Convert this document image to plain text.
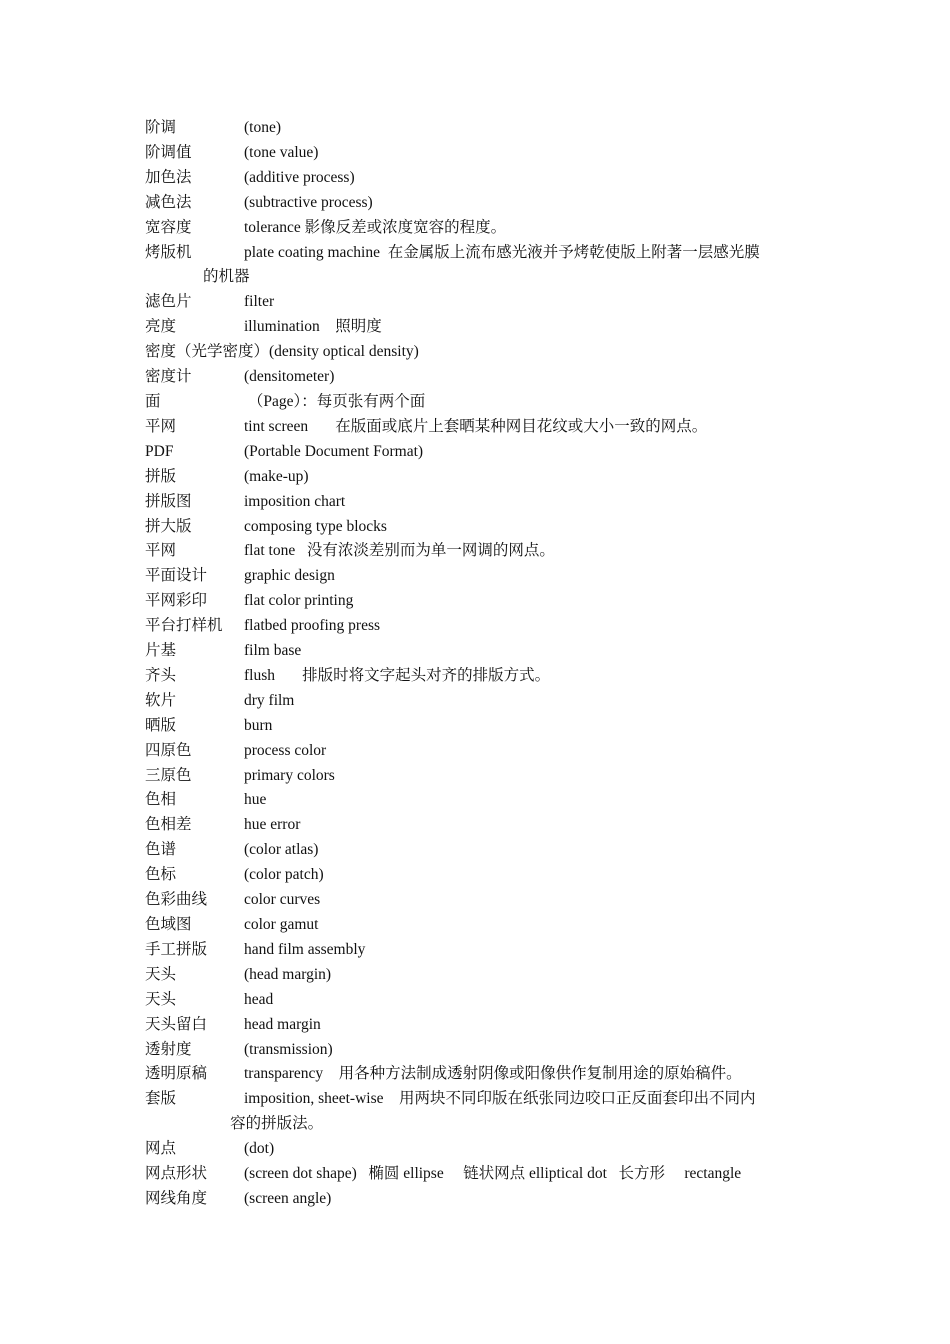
阶调	(tone)
阶调值	(tone value)
加色法	(additive process)
减色法	(subtractive process)
宽容度	tolerance 影像反差或浓度宽容的程度。
烤版机	plate coating machine  在金属版上流布感光液并予烤乾使版上附著一层感光膜
的机器
滤色片	filter
亮度	illumination    照明度
密度（光学密度）(density optical density)
密度计	(densitometer)
面	（Page）：每页张有两个面
平网	tint screen       在版面或底片上套晒某种网目花纹或大小一致的网点。
PDF	(Portable Document Format)
拼版	(make-up)
拼版图	imposition chart
拼大版	composing type blocks
平网	flat tone   没有浓淡差别而为单一网调的网点。
平面设计 graphic design
平网彩印 flat color printing
平台打样机 flatbed proofing press
片基	film base
齐头	flush       排版时将文字起头对齐的排版方式。
软片	dry film
晒版	burn
四原色	process color
三原色	primary colors
色相	hue
色相差	hue error
色谱	(color atlas)
色标	(color patch)
色彩曲线 color curves
色域图	color gamut
手工拼版 hand film assembly
天头	(head margin)
天头	head
天头留白 head margin
透射度	(transmission)
透明原稿 transparency    用各种方法制成透射阴像或阳像供作复制用途的原始稿件。
套版	imposition, sheet-wise    用两块不同印版在纸张同边咬口正反面套印出不同内
容的拼版法。
网点	(dot)
网点形状 (screen dot shape)   椭圆 ellipse     链状网点 elliptical dot   长方形     rectangle
网线角度 (screen angle)
